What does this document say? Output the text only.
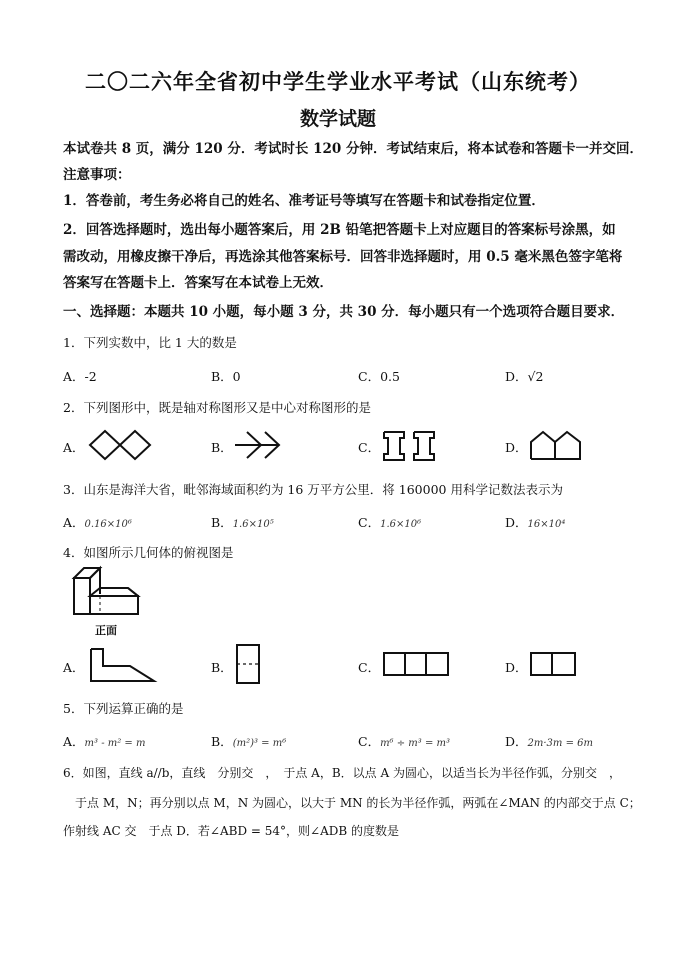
二〇二六年全省初中学生学业水平考试（山东统考）
数学试题
本试卷共 8 页，满分 120 分．考试时长 120 分钟．考试结束后，将本试卷和答题卡一并交回．
注意事项：
1．答卷前，考生务必将自己的姓名、准考证号等填写在答题卡和试卷指定位置．
2．回答选择题时，选出每小题答案后，用 2B 铅笔把答题卡上对应题目的答案标号涂黑，如
需改动，用橡皮擦干净后，再选涂其他答案标号．回答非选择题时，用 0.5 毫米黑色签字笔将
答案写在答题卡上．答案写在本试卷上无效．
一、选择题：本题共 10 小题，每小题 3 分，共 30 分．每小题只有一个选项符合题目要求．
1．下列实数中，比 1 大的数是
A．-2	B．0	C．0.5	D．√2
2．下列图形中，既是轴对称图形又是中心对称图形的是
A．	B．	C．	D．
3．山东是海洋大省，毗邻海域面积约为 16 万平方公里．将 160000 用科学记数法表示为
A．0.16×10⁶	B．1.6×10⁵	C．1.6×10⁶	D．16×10⁴
4．如图所示几何体的俯视图是
正面
A．	B．	C．	D．
5．下列运算正确的是
A．m³ - m² = m	B．(m²)³ = m⁶	C．m⁶ ÷ m³ = m³	D．2m·3m = 6m
6．如图，直线 a//b，直线　分别交　，　于点 A，B．以点 A 为圆心，以适当长为半径作弧，分别交　，
于点 M，N；再分别以点 M，N 为圆心，以大于 MN 的长为半径作弧，两弧在∠MAN 的内部交于点 C；
作射线 AC 交　于点 D．若∠ABD = 54°，则∠ADB 的度数是
